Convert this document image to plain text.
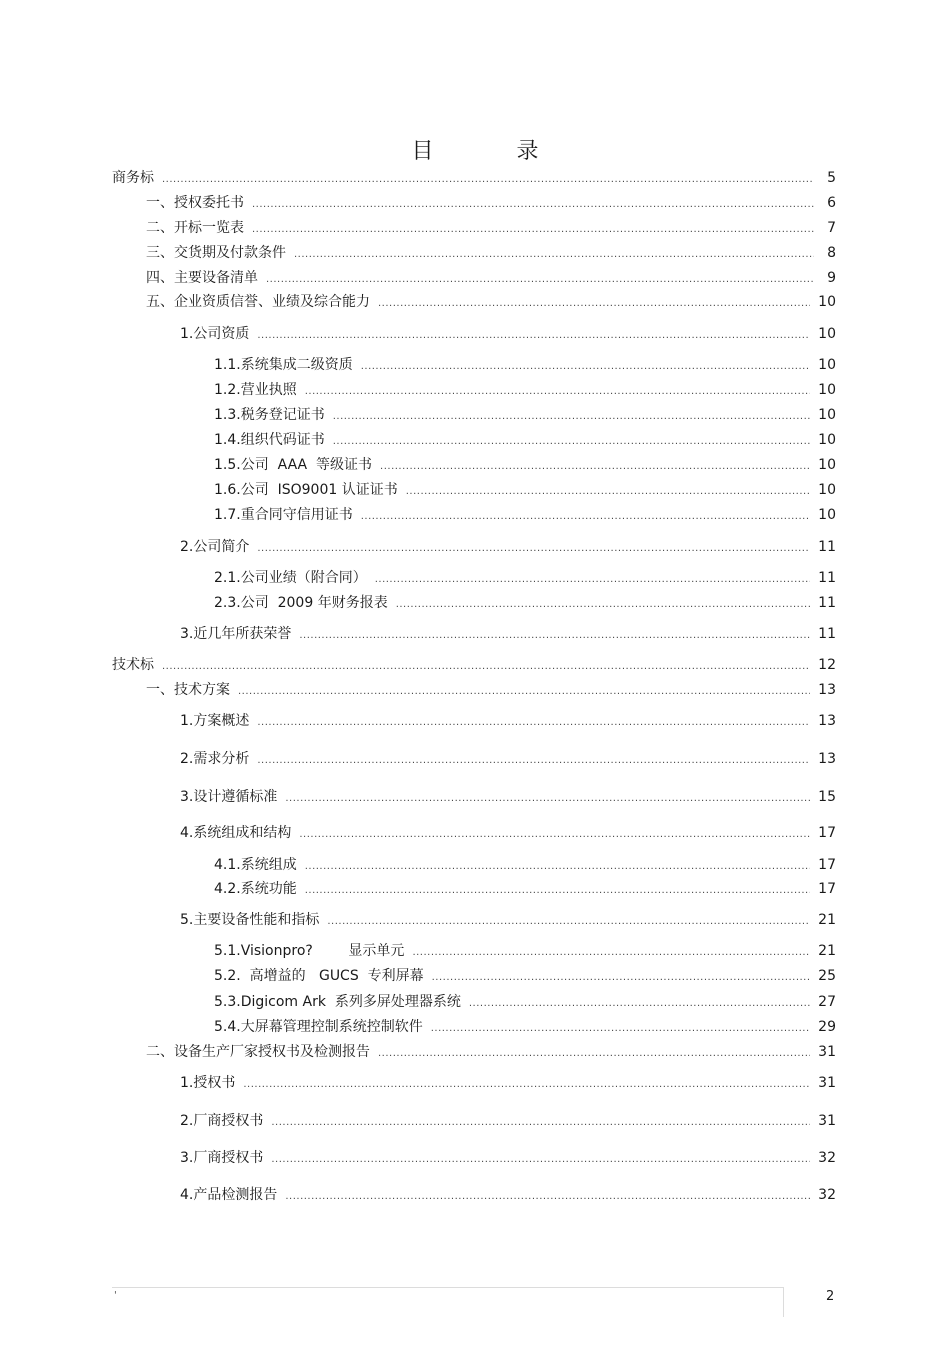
目 录
商务标 .....	5
一、授权委托书 .....	6
二、开标一览表 .....	7
三、交货期及付款条件 .....	8
四、主要设备清单 .....	9
五、企业资质信誉、业绩及综合能力 .....	10
1.公司资质 .....	10
1.1.系统集成二级资质 .....	10
1.2.营业执照 .....	10
1.3.税务登记证书 .....	10
1.4.组织代码证书 .....	10
1.5.公司  AAA  等级证书 .....	10
1.6.公司  ISO9001 认证证书 .....	10
1.7.重合同守信用证书 .....	10
2.公司简介 .....	11
2.1.公司业绩（附合同） .....	11
2.3.公司  2009 年财务报表 .....	11
3.近几年所获荣誉 .....	11
技术标 .....	12
一、技术方案 .....	13
1.方案概述 .....	13
2.需求分析 .....	13
3.设计遵循标准 .....	15
4.系统组成和结构 .....	17
4.1.系统组成 .....	17
4.2.系统功能 .....	17
5.主要设备性能和指标 .....	21
5.1.Visionpro?        显示单元 .....	21
5.2.  高增益的   GUCS  专利屏幕 .....	25
5.3.Digicom Ark  系列多屏处理器系统 .....	27
5.4.大屏幕管理控制系统控制软件 .....	29
二、设备生产厂家授权书及检测报告 .....	31
1.授权书 .....	31
2.厂商授权书 .....	31
3.厂商授权书 .....	32
4.产品检测报告 .....	32
'	2
